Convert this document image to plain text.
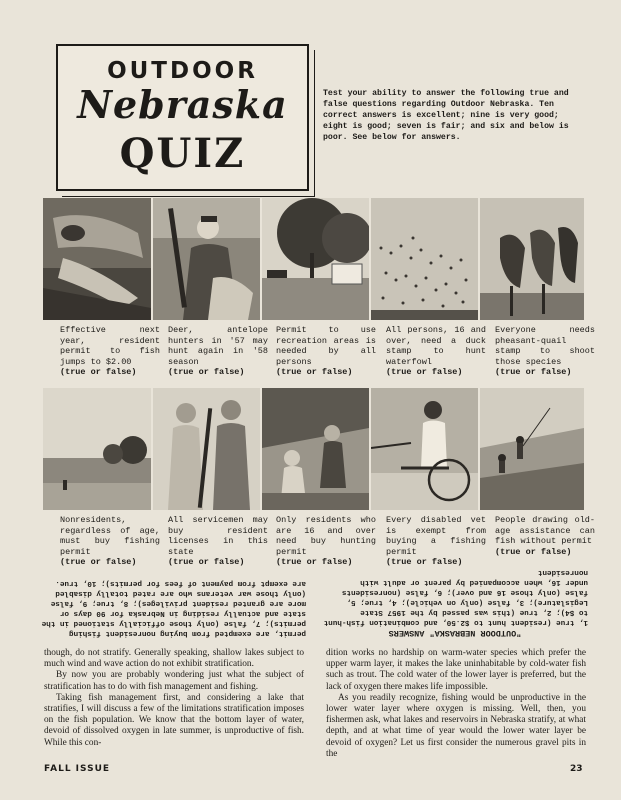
OUTDOOR
Nebraska
QUIZ
Test your ability to answer the following true and false questions regarding Outdoor Nebraska. Ten correct answers is excellent; nine is very good; eight is good; seven is fair; and six and below is poor. See below for answers.
Effective next year, resident permit to fish jumps to $2.00
(true or false)
Deer, antelope hunters in '57 may hunt again in '58 season
(true or false)
Permit to use recreation areas is needed by all persons
(true or false)
All persons, 16 and over, need a duck stamp to hunt waterfowl
(true or false)
Everyone needs pheasant-quail stamp to shoot those species
(true or false)
Nonresidents, regardless of age, must buy fishing permit
(true or false)
All servicemen may buy resident licenses in this state
(true or false)
Only residents who are 16 and over need buy hunting permit
(true or false)
Every disabled vet is exempt from buying a fishing permit
(true or false)
People drawing old-age assistance can fish without permit
(true or false)
"OUTDOOR NEBRASKA" ANSWERS
1, true (resident hunt to $2.50, and combination fish-hunt to $4); 2, true (this was passed by the 1957 State Legislature); 3, false (only on vehicle); 4, true; 5, false (only those 16 and over); 6, false (nonresidents under 16, when accompanied by parent or adult with nonresident
permit, are exempted from buying nonresident fishing permits); 7, false (only those officially stationed in the state and actually residing in Nebraska for 90 days or more are granted resident privileges); 8, true; 9, false (only those war veterans who are rated totally disabled are exempt from payment of fees for permits); 10, true.

though, do not stratify. Generally speaking, shallow lakes subject to much wind and wave action do not exhibit stratification.

By now you are probably wondering just what the subject of stratification has to do with fish management and fishing.

Taking fish management first, and considering a lake that stratifies, I will discuss a few of the limitations stratification imposes on the fish population. We know that the bottom layer of water, devoid of dissolved oxygen in late summer, is unproductive of fish. While this con-

dition works no hardship on warm-water species which prefer the upper warm layer, it makes the lake uninhabitable by cold-water fish such as trout. The cold water of the lower layer is preferred, but the lack of oxygen there makes life impossible.

As you readily recognize, fishing would be unproductive in the lower water layer where oxygen is missing. Well, then, you fishermen ask, what lakes and reservoirs in Nebraska stratify, at what depth, and at what time of year would the lower water layer be devoid of oxygen? Let us first consider the numerous gravel pits in the

FALL ISSUE	23
